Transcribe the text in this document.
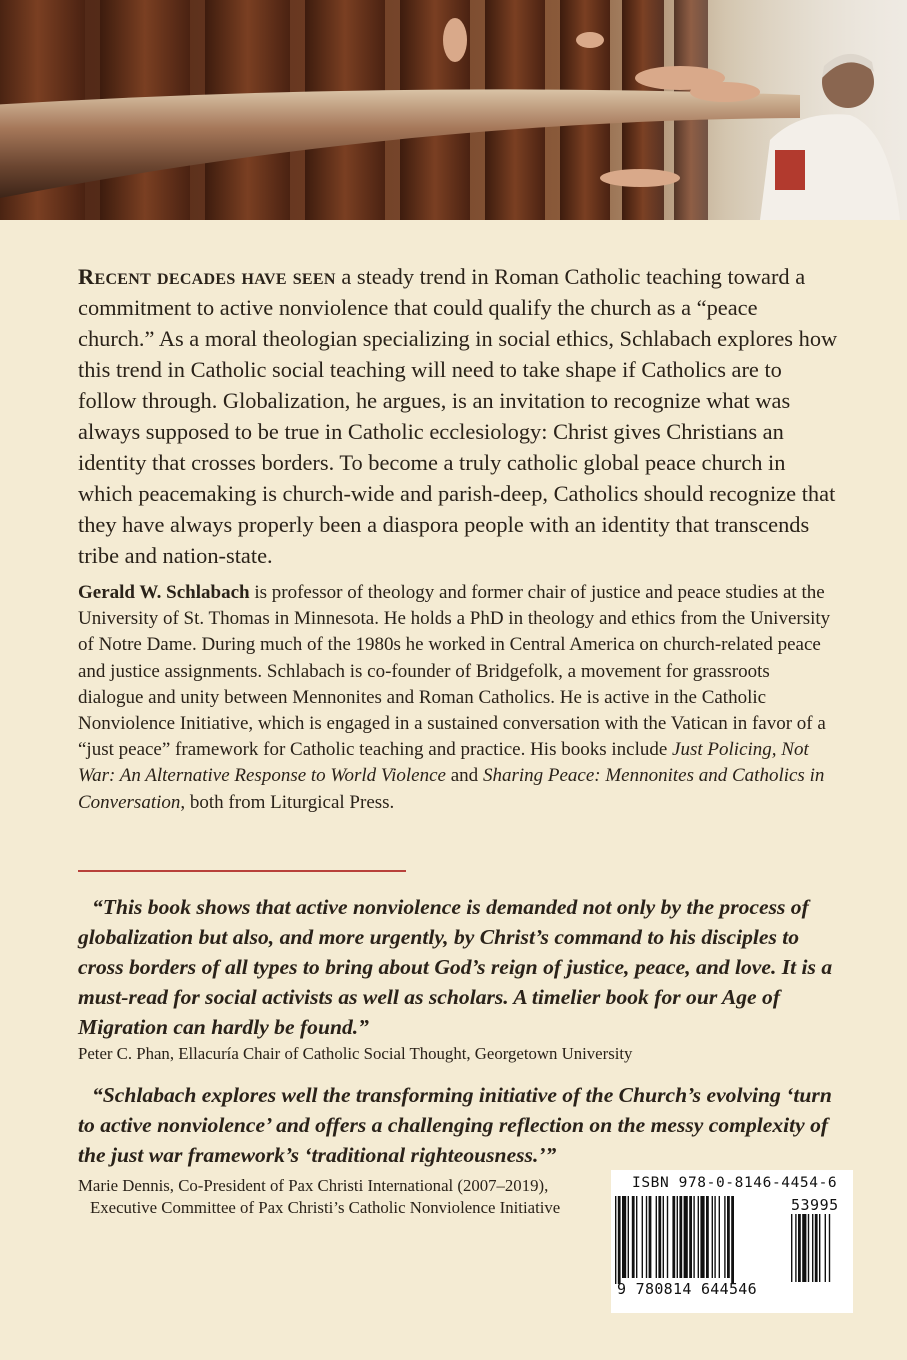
Recent decades have seen a steady trend in Roman Catholic teaching toward a commitment to active nonviolence that could qualify the church as a “peace church.” As a moral theologian specializing in social ethics, Schlabach explores how this trend in Catholic social teaching will need to take shape if Catholics are to follow through. Globalization, he argues, is an invitation to recognize what was always supposed to be true in Catholic ecclesiology: Christ gives Christians an identity that crosses borders. To become a truly catholic global peace church in which peacemaking is church-wide and parish-deep, Catholics should recognize that they have always properly been a diaspora people with an identity that transcends tribe and nation-state.

Gerald W. Schlabach is professor of theology and former chair of justice and peace studies at the University of St. Thomas in Minnesota. He holds a PhD in theology and ethics from the University of Notre Dame. During much of the 1980s he worked in Central America on church-related peace and justice assignments. Schlabach is co-founder of Bridgefolk, a movement for grassroots dialogue and unity between Mennonites and Roman Catholics. He is active in the Catholic Nonviolence Initiative, which is engaged in a sustained conversation with the Vatican in favor of a “just peace” framework for Catholic teaching and practice. His books include Just Policing, Not War: An Alternative Response to World Violence and Sharing Peace: Mennonites and Catholics in Conversation, both from Liturgical Press.

“This book shows that active nonviolence is demanded not only by the process of globalization but also, and more urgently, by Christ’s command to his disciples to cross borders of all types to bring about God’s reign of justice, peace, and love. It is a must-read for social activists as well as scholars. A timelier book for our Age of Migration can hardly be found.”

Peter C. Phan, Ellacuría Chair of Catholic Social Thought, Georgetown University

“Schlabach explores well the transforming initiative of the Church’s evolving ‘turn to active nonviolence’ and offers a challenging reflection on the messy complexity of the just war framework’s ‘traditional righteousness.’”

Marie Dennis, Co-President of Pax Christi International (2007–2019),
Executive Committee of Pax Christi’s Catholic Nonviolence Initiative

ISBN 978-0-8146-4454-6
53995
9 780814 644546
